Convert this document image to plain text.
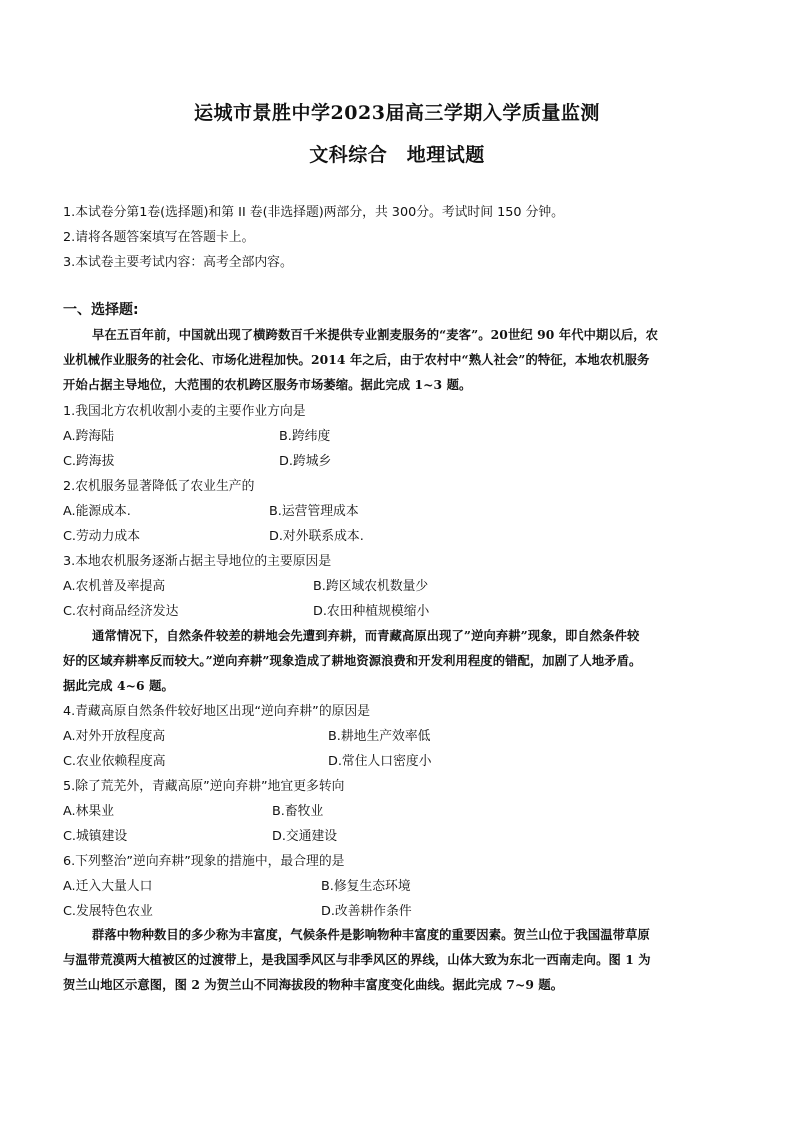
运城市景胜中学2023届高三学期入学质量监测
文科综合　地理试题
1.本试卷分第1卷(选择题)和第 II 卷(非选择题)两部分，共 300分。考试时间 150 分钟。
2.请将各题答案填写在答题卡上。
3.本试卷主要考试内容：高考全部内容。
一、选择题:
早在五百年前，中国就出现了横跨数百千米提供专业割麦服务的“麦客”。20世纪 90 年代中期以后，农
业机械作业服务的社会化、市场化进程加快。2014 年之后，由于农村中“熟人社会”的特征，本地农机服务
开始占据主导地位，大范围的农机跨区服务市场萎缩。据此完成 1~3 题。
1.我国北方农机收割小麦的主要作业方向是
A.跨海陆	B.跨纬度
C.跨海拔	D.跨城乡
2.农机服务显著降低了农业生产的
A.能源成本.	B.运营管理成本
C.劳动力成本	D.对外联系成本.
3.本地农机服务逐渐占据主导地位的主要原因是
A.农机普及率提高	B.跨区域农机数量少
C.农村商品经济发达	D.农田种植规模缩小
通常情况下，自然条件较差的耕地会先遭到弃耕，而青藏高原出现了”逆向弃耕”现象，即自然条件较
好的区域弃耕率反而较大。”逆向弃耕”现象造成了耕地资源浪费和开发利用程度的错配，加剧了人地矛盾。
据此完成 4~6 题。
4.青藏高原自然条件较好地区出现“逆向弃耕”的原因是
A.对外开放程度高	B.耕地生产效率低
C.农业依赖程度高	D.常住人口密度小
5.除了荒芜外，青藏高原”逆向弃耕”地宜更多转向
A.林果业	B.畜牧业
C.城镇建设	D.交通建设
6.下列整治”逆向弃耕”现象的措施中，最合理的是
A.迁入大量人口	B.修复生态环境
C.发展特色农业	D.改善耕作条件
群落中物种数目的多少称为丰富度，气候条件是影响物种丰富度的重要因素。贺兰山位于我国温带草原
与温带荒漠两大植被区的过渡带上，是我国季风区与非季风区的界线，山体大致为东北一西南走向。图 1 为
贺兰山地区示意图，图 2 为贺兰山不同海拔段的物种丰富度变化曲线。据此完成 7~9 题。
